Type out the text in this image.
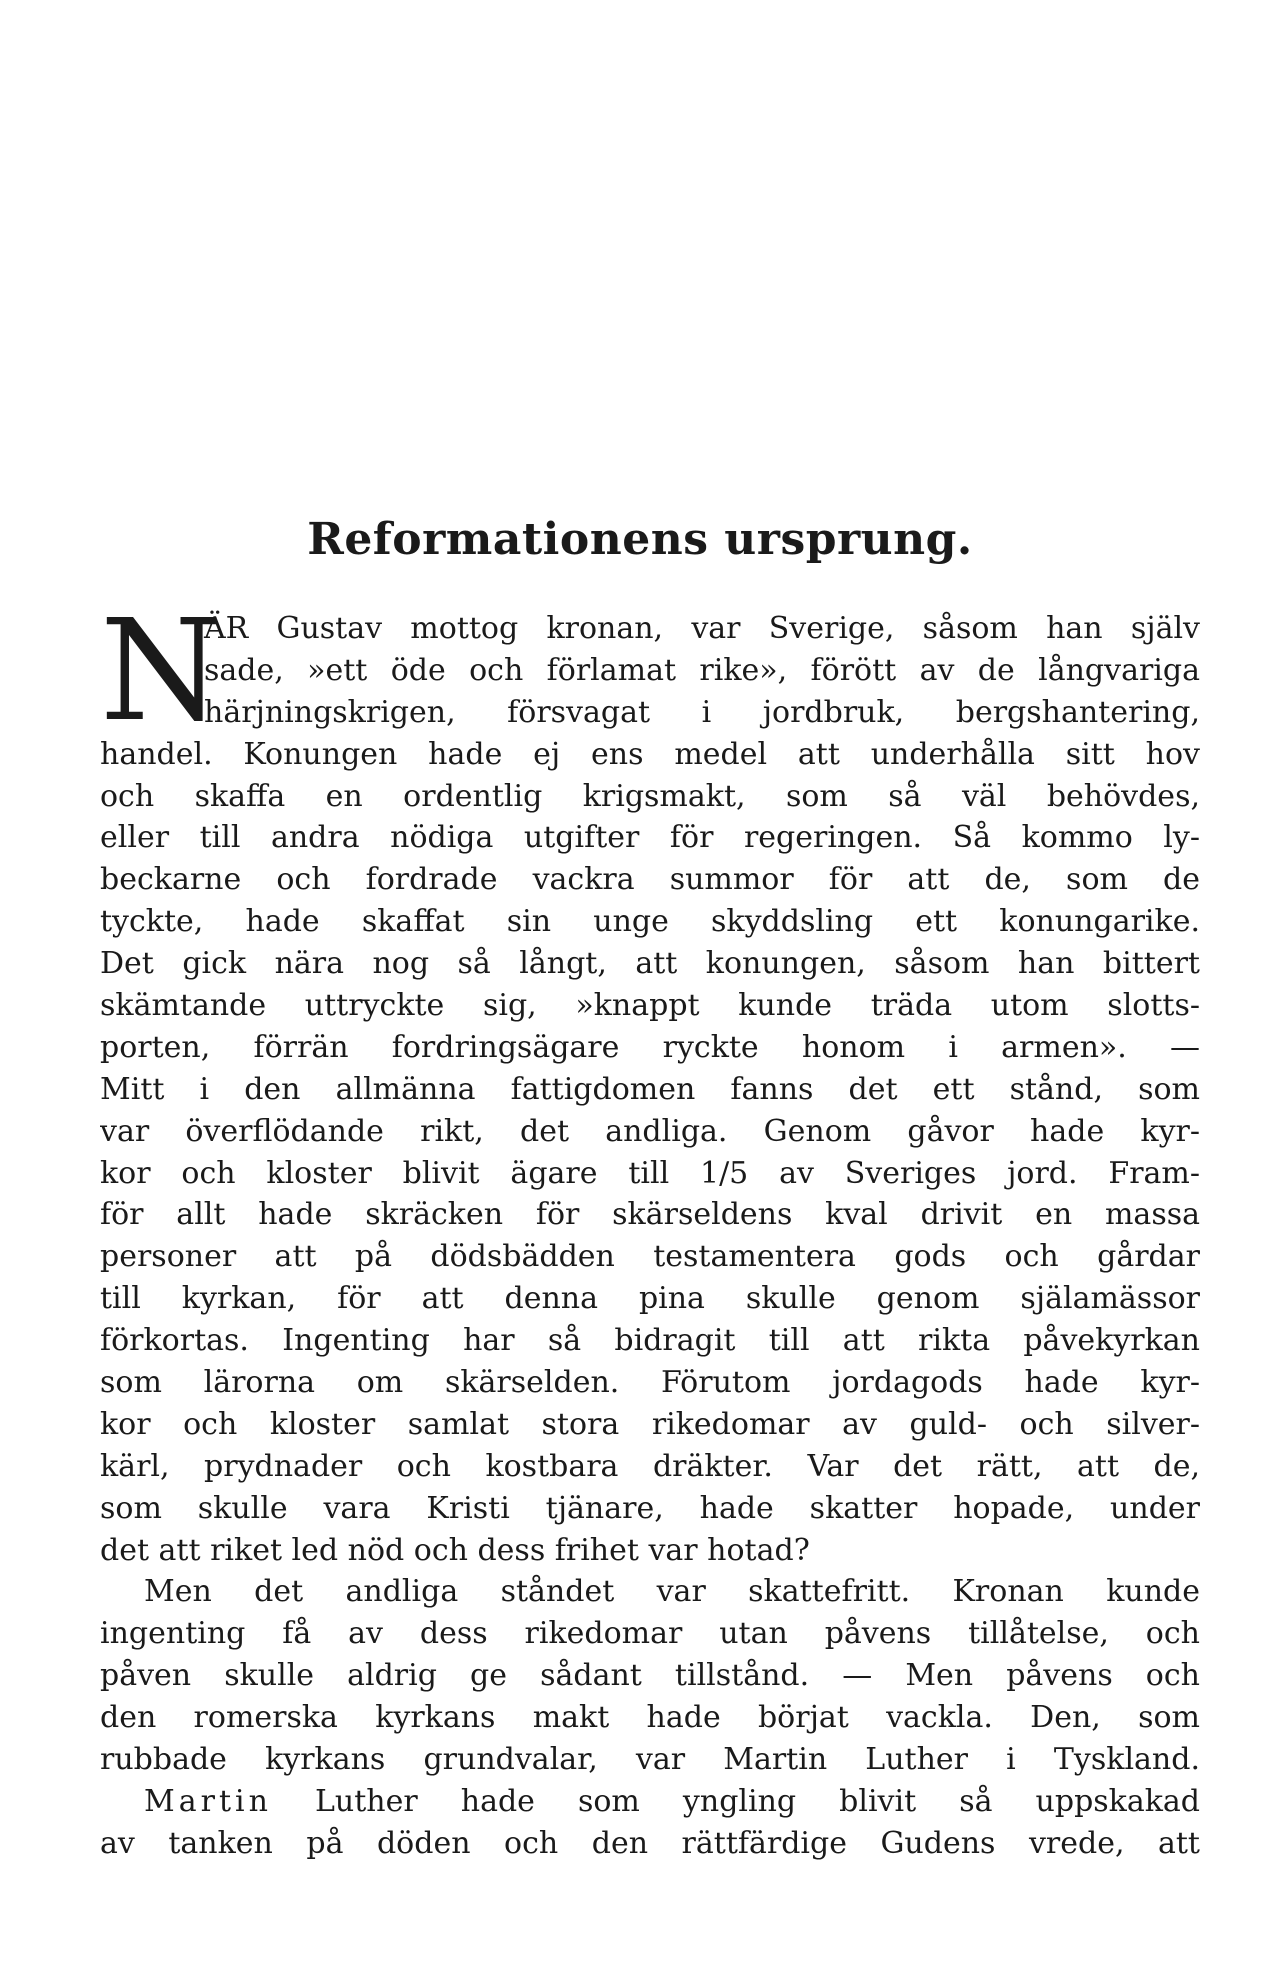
Reformationens ursprung.
N
ÄR Gustav mottog kronan, var Sverige, såsom han själv
sade, »ett öde och förlamat rike», förött av de långvariga
härjningskrigen, försvagat i jordbruk, bergshantering,
handel. Konungen hade ej ens medel att underhålla sitt hov
och skaffa en ordentlig krigsmakt, som så väl behövdes,
eller till andra nödiga utgifter för regeringen. Så kommo ly-
beckarne och fordrade vackra summor för att de, som de
tyckte, hade skaffat sin unge skyddsling ett konungarike.
Det gick nära nog så långt, att konungen, såsom han bittert
skämtande uttryckte sig, »knappt kunde träda utom slotts-
porten, förrän fordringsägare ryckte honom i armen». —
Mitt i den allmänna fattigdomen fanns det ett stånd, som
var överflödande rikt, det andliga. Genom gåvor hade kyr-
kor och kloster blivit ägare till 1/5 av Sveriges jord. Fram-
för allt hade skräcken för skärseldens kval drivit en massa
personer att på dödsbädden testamentera gods och gårdar
till kyrkan, för att denna pina skulle genom själamässor
förkortas. Ingenting har så bidragit till att rikta påvekyrkan
som lärorna om skärselden. Förutom jordagods hade kyr-
kor och kloster samlat stora rikedomar av guld- och silver-
kärl, prydnader och kostbara dräkter. Var det rätt, att de,
som skulle vara Kristi tjänare, hade skatter hopade, under
det att riket led nöd och dess frihet var hotad?
Men det andliga ståndet var skattefritt. Kronan kunde
ingenting få av dess rikedomar utan påvens tillåtelse, och
påven skulle aldrig ge sådant tillstånd. — Men påvens och
den romerska kyrkans makt hade börjat vackla. Den, som
rubbade kyrkans grundvalar, var Martin Luther i Tyskland.
Martin Luther hade som yngling blivit så uppskakad
av tanken på döden och den rättfärdige Gudens vrede, att
